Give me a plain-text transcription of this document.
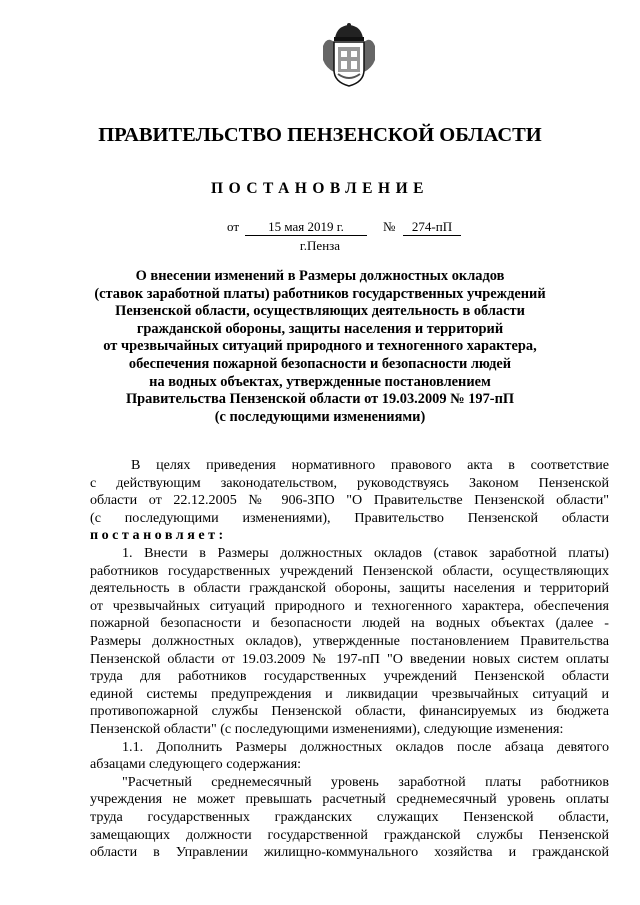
ПРАВИТЕЛЬСТВО ПЕНЗЕНСКОЙ ОБЛАСТИ
ПОСТАНОВЛЕНИЕ
от 15 мая 2019 г.	№ 274-пП
г.Пенза
О внесении изменений в Размеры должностных окладов
(ставок заработной платы) работников государственных учреждений
Пензенской области, осуществляющих деятельность в области
гражданской обороны, защиты населения и территорий
от чрезвычайных ситуаций природного и техногенного характера,
обеспечения пожарной безопасности и безопасности людей
на водных объектах, утвержденные постановлением
Правительства Пензенской области от 19.03.2009 № 197-пП
(с последующими изменениями)
В целях приведения нормативного правового акта в соответствие
с действующим законодательством, руководствуясь Законом Пензенской
области от 22.12.2005 № 906-ЗПО "О Правительстве Пензенской области"
(с последующими изменениями), Правительство Пензенской области
постановляет:
1. Внести в Размеры должностных окладов (ставок заработной платы)
работников государственных учреждений Пензенской области, осуществляющих
деятельность в области гражданской обороны, защиты населения и территорий
от чрезвычайных ситуаций природного и техногенного характера, обеспечения
пожарной безопасности и безопасности людей на водных объектах (далее -
Размеры должностных окладов), утвержденные постановлением Правительства
Пензенской области от 19.03.2009 № 197-пП "О введении новых систем оплаты
труда для работников государственных учреждений Пензенской области
единой системы предупреждения и ликвидации чрезвычайных ситуаций и
противопожарной службы Пензенской области, финансируемых из бюджета
Пензенской области" (с последующими изменениями), следующие изменения:
1.1. Дополнить Размеры должностных окладов после абзаца девятого
абзацами следующего содержания:
"Расчетный среднемесячный уровень заработной платы работников
учреждения не может превышать расчетный среднемесячный уровень оплаты
труда государственных гражданских служащих Пензенской области,
замещающих должности государственной гражданской службы Пензенской
области в Управлении жилищно-коммунального хозяйства и гражданской
